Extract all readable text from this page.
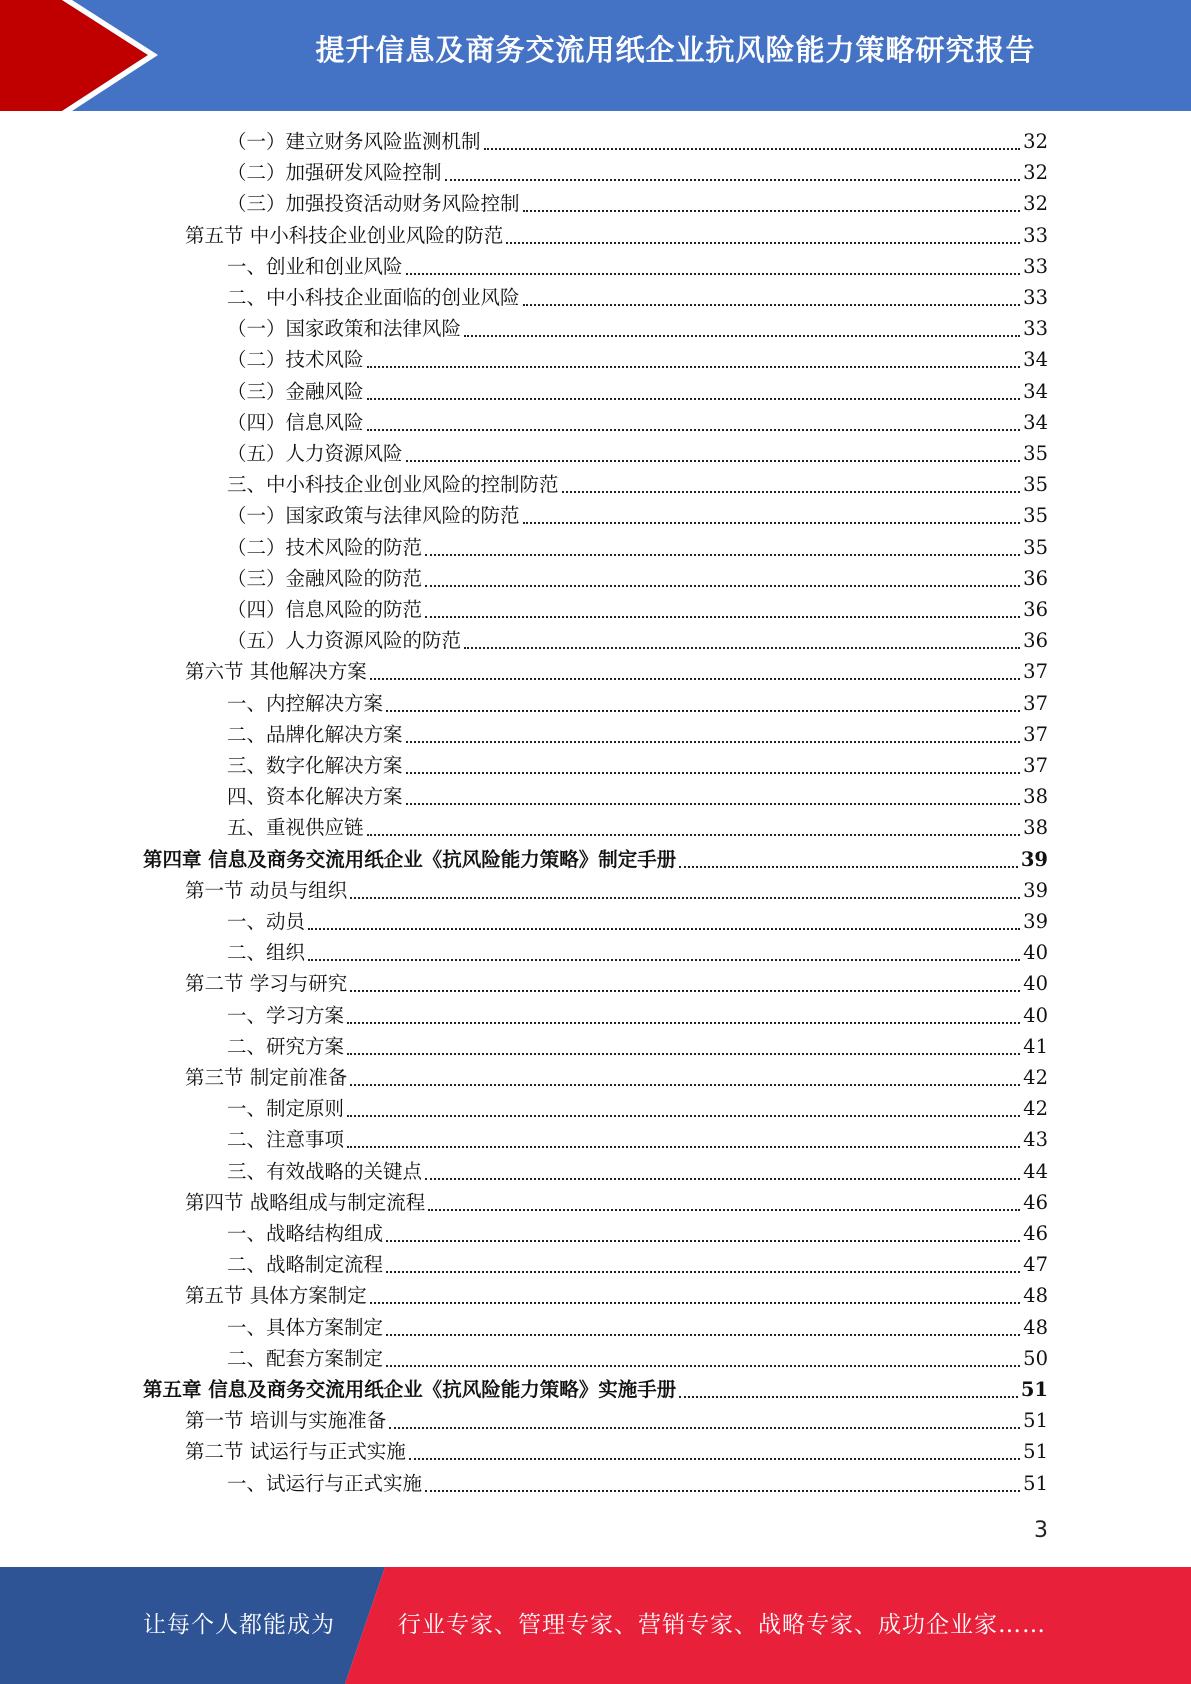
提升信息及商务交流用纸企业抗风险能力策略研究报告
（一）建立财务风险监测机制	32
（二）加强研发风险控制	32
（三）加强投资活动财务风险控制	32
第五节 中小科技企业创业风险的防范	33
一、创业和创业风险	33
二、中小科技企业面临的创业风险	33
（一）国家政策和法律风险	33
（二）技术风险	34
（三）金融风险	34
（四）信息风险	34
（五）人力资源风险	35
三、中小科技企业创业风险的控制防范	35
（一）国家政策与法律风险的防范	35
（二）技术风险的防范	35
（三）金融风险的防范	36
（四）信息风险的防范	36
（五）人力资源风险的防范	36
第六节 其他解决方案	37
一、内控解决方案	37
二、品牌化解决方案	37
三、数字化解决方案	37
四、资本化解决方案	38
五、重视供应链	38
第四章 信息及商务交流用纸企业《抗风险能力策略》制定手册	39
第一节 动员与组织	39
一、动员	39
二、组织	40
第二节 学习与研究	40
一、学习方案	40
二、研究方案	41
第三节 制定前准备	42
一、制定原则	42
二、注意事项	43
三、有效战略的关键点	44
第四节 战略组成与制定流程	46
一、战略结构组成	46
二、战略制定流程	47
第五节 具体方案制定	48
一、具体方案制定	48
二、配套方案制定	50
第五章 信息及商务交流用纸企业《抗风险能力策略》实施手册	51
第一节 培训与实施准备	51
第二节 试运行与正式实施	51
一、试运行与正式实施	51
3
让每个人都能成为	行业专家、管理专家、营销专家、战略专家、成功企业家……
